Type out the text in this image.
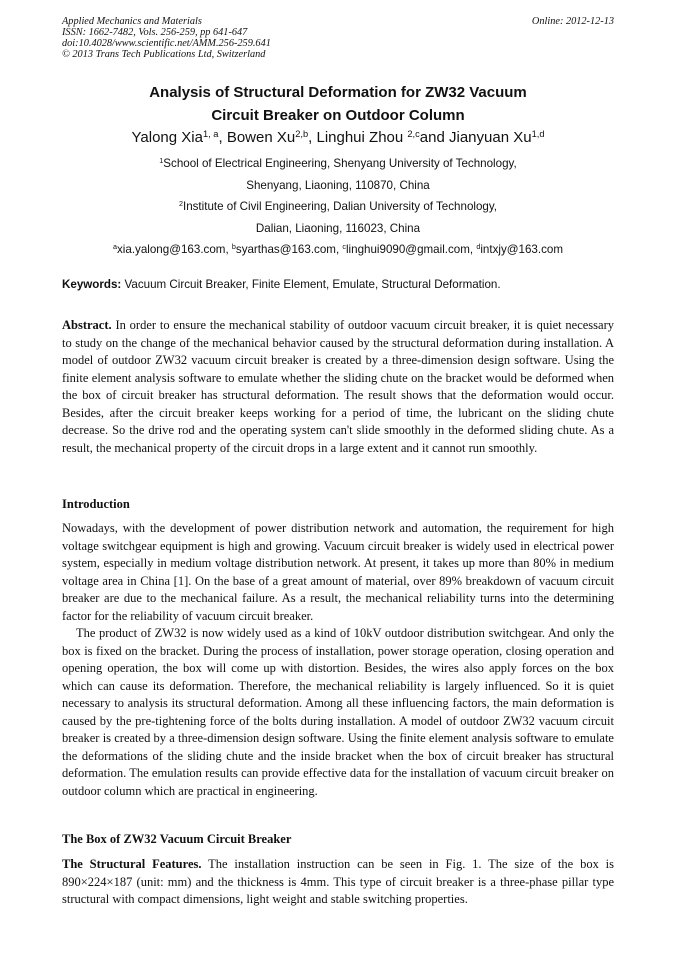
Applied Mechanics and Materials
ISSN: 1662-7482, Vols. 256-259, pp 641-647
doi:10.4028/www.scientific.net/AMM.256-259.641
© 2013 Trans Tech Publications Ltd, Switzerland
Online: 2012-12-13
Analysis of Structural Deformation for ZW32 Vacuum
Circuit Breaker on Outdoor Column
Yalong Xia$^{1, a}$, Bowen Xu$^{2,b}$, Linghui Zhou $^{2,c}$and Jianyuan Xu$^{1,d}$
$^1$School of Electrical Engineering, Shenyang University of Technology,
Shenyang, Liaoning, 110870, China
$^2$Institute of Civil Engineering, Dalian University of Technology,
Dalian, Liaoning, 116023, China
$^a$xia.yalong@163.com, $^b$syarthas@163.com, $^c$linghui9090@gmail.com, $^d$intxjy@163.com
Keywords: Vacuum Circuit Breaker, Finite Element, Emulate, Structural Deformation.

Abstract. In order to ensure the mechanical stability of outdoor vacuum circuit breaker, it is quiet necessary to study on the change of the mechanical behavior caused by the structural deformation during installation. A model of outdoor ZW32 vacuum circuit breaker is created by a three-dimension design software. Using the finite element analysis software to emulate whether the sliding chute on the bracket would be deformed when the box of circuit breaker has structural deformation. The result shows that the deformation would occur. Besides, after the circuit breaker keeps working for a period of time, the lubricant on the sliding chute decrease. So the drive rod and the operating system can't slide smoothly in the deformed sliding chute. As a result, the mechanical property of the circuit drops in a large extent and it cannot run smoothly.

Introduction

Nowadays, with the development of power distribution network and automation, the requirement for high voltage switchgear equipment is high and growing. Vacuum circuit breaker is widely used in electrical power system, especially in medium voltage distribution network. At present, it takes up more than 80% in medium voltage area in China [1]. On the base of a great amount of material, over 89% breakdown of vacuum circuit breaker are due to the mechanical failure. As a result, the mechanical reliability turns into the determining factor for the reliability of vacuum circuit breaker.

The product of ZW32 is now widely used as a kind of 10kV outdoor distribution switchgear. And only the box is fixed on the bracket. During the process of installation, power storage operation, closing operation and opening operation, the box will come up with distortion. Besides, the wires also apply forces on the box which can cause its deformation. Therefore, the mechanical reliability is largely influenced. So it is quiet necessary to analysis its structural deformation. Among all these influencing factors, the main deformation is caused by the pre-tightening force of the bolts during installation. A model of outdoor ZW32 vacuum circuit breaker is created by a three-dimension design software. Using the finite element analysis software to emulate the deformations of the sliding chute and the inside bracket when the box of circuit breaker has structural deformation. The emulation results can provide effective data for the installation of vacuum circuit breaker on outdoor column which are practical in engineering.

The Box of ZW32 Vacuum Circuit Breaker

The Structural Features. The installation instruction can be seen in Fig. 1. The size of the box is 890×224×187 (unit: mm) and the thickness is 4mm. This type of circuit breaker is a three-phase pillar type structural with compact dimensions, light weight and stable switching properties.
